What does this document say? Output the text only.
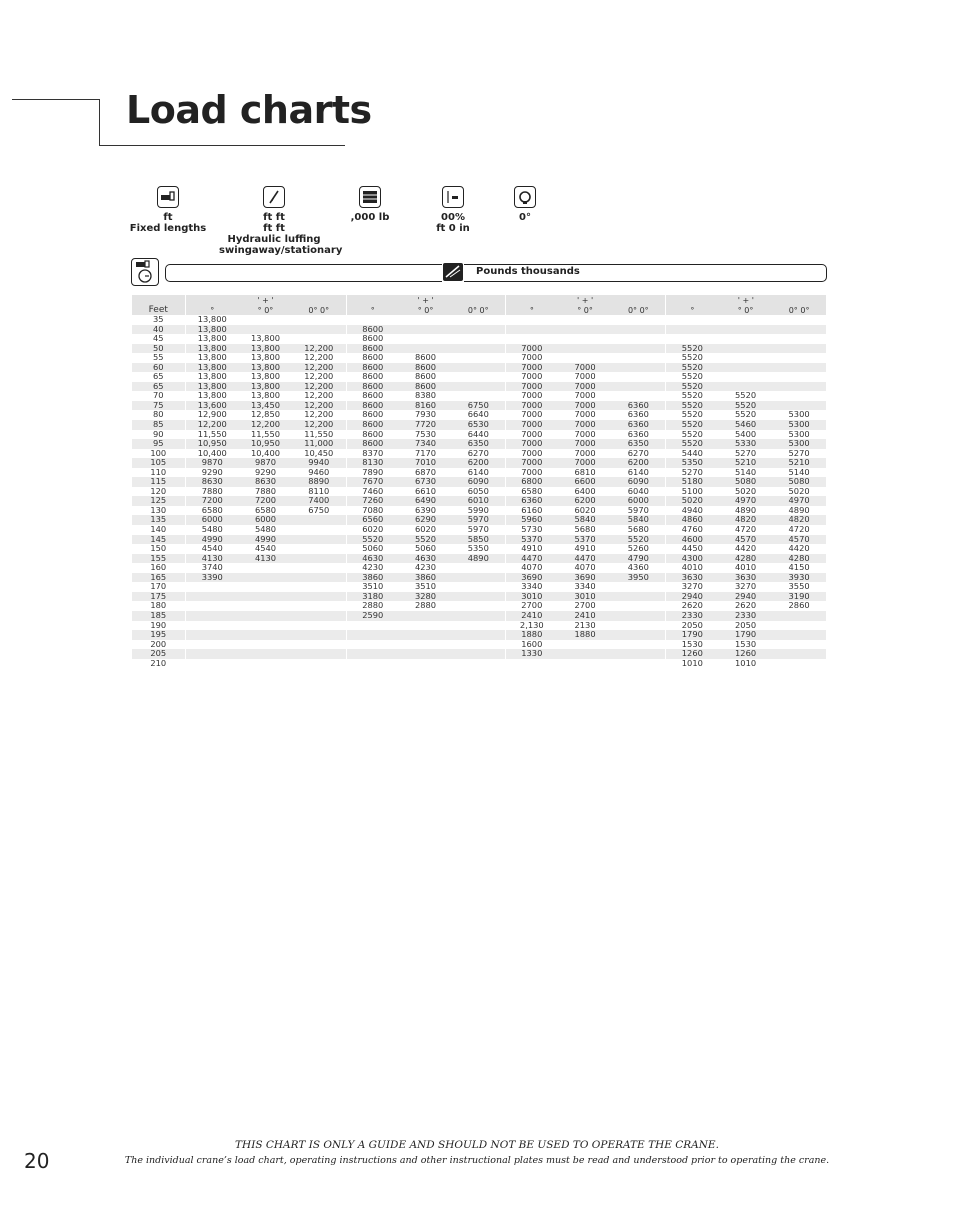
Load charts

ft
Fixed lengths

ft ft
ft ft
Hydraulic luffing swingaway/stationary

,000 lb	00%
ft 0 in

0°
Pounds thousands
	' + '			' + '			' + '			' + '		
Feet	°	° 0°	0° 0°	°	° 0°	0° 0°	°	° 0°	0° 0°	°	° 0°	0° 0°
35	13,800											
40	13,800			8600								
45	13,800	13,800		8600								
50	13,800	13,800	12,200	8600			7000			5520		
55	13,800	13,800	12,200	8600	8600		7000			5520		
60	13,800	13,800	12,200	8600	8600		7000	7000		5520		
65	13,800	13,800	12,200	8600	8600		7000	7000		5520		
65	13,800	13,800	12,200	8600	8600		7000	7000		5520		
70	13,800	13,800	12,200	8600	8380		7000	7000		5520	5520	
75	13,600	13,450	12,200	8600	8160	6750	7000	7000	6360	5520	5520	
80	12,900	12,850	12,200	8600	7930	6640	7000	7000	6360	5520	5520	5300
85	12,200	12,200	12,200	8600	7720	6530	7000	7000	6360	5520	5460	5300
90	11,550	11,550	11,550	8600	7530	6440	7000	7000	6360	5520	5400	5300
95	10,950	10,950	11,000	8600	7340	6350	7000	7000	6350	5520	5330	5300
100	10,400	10,400	10,450	8370	7170	6270	7000	7000	6270	5440	5270	5270
105	9870	9870	9940	8130	7010	6200	7000	7000	6200	5350	5210	5210
110	9290	9290	9460	7890	6870	6140	7000	6810	6140	5270	5140	5140
115	8630	8630	8890	7670	6730	6090	6800	6600	6090	5180	5080	5080
120	7880	7880	8110	7460	6610	6050	6580	6400	6040	5100	5020	5020
125	7200	7200	7400	7260	6490	6010	6360	6200	6000	5020	4970	4970
130	6580	6580	6750	7080	6390	5990	6160	6020	5970	4940	4890	4890
135	6000	6000		6560	6290	5970	5960	5840	5840	4860	4820	4820
140	5480	5480		6020	6020	5970	5730	5680	5680	4760	4720	4720
145	4990	4990		5520	5520	5850	5370	5370	5520	4600	4570	4570
150	4540	4540		5060	5060	5350	4910	4910	5260	4450	4420	4420
155	4130	4130		4630	4630	4890	4470	4470	4790	4300	4280	4280
160	3740			4230	4230		4070	4070	4360	4010	4010	4150
165	3390			3860	3860		3690	3690	3950	3630	3630	3930
170				3510	3510		3340	3340		3270	3270	3550
175				3180	3280		3010	3010		2940	2940	3190
180				2880	2880		2700	2700		2620	2620	2860
185				2590			2410	2410		2330	2330	
190							2,130	2130		2050	2050	
195							1880	1880		1790	1790	
200							1600			1530	1530	
205							1330			1260	1260	
210										1010	1010	
20
THIS CHART IS ONLY A GUIDE AND SHOULD NOT BE USED TO OPERATE THE CRANE.
The individual crane’s load chart, operating instructions and other instructional plates must be read and understood prior to operating the crane.
